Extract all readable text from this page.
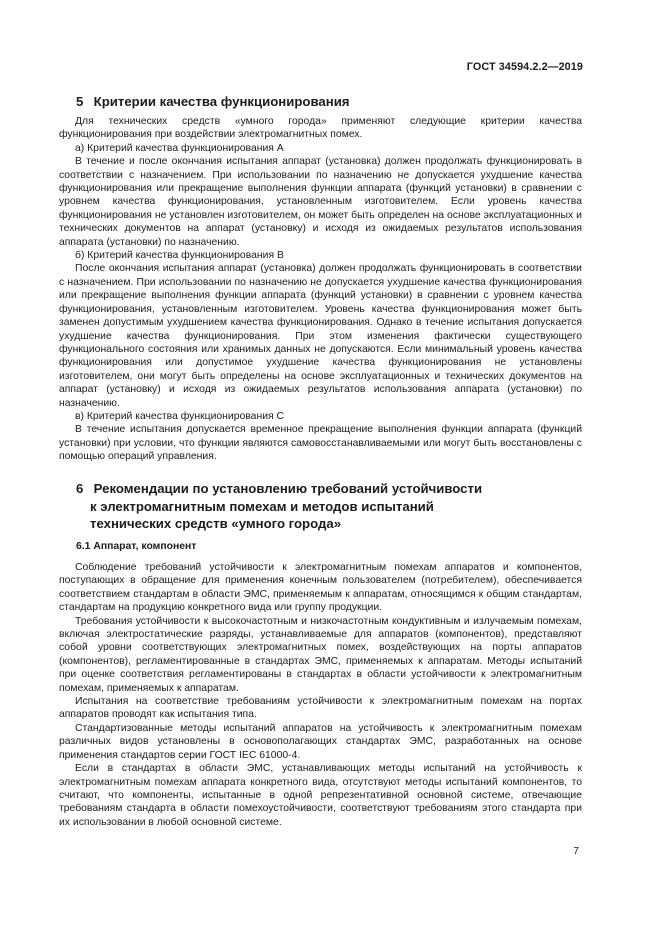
ГОСТ 34594.2.2—2019
5 Критерии качества функционирования

Для технических средств «умного города» применяют следующие критерии качества функционирования при воздействии электромагнитных помех.

а) Критерий качества функционирования А

В течение и после окончания испытания аппарат (установка) должен продолжать функционировать в соответствии с назначением. При использовании по назначению не допускается ухудшение качества функционирования или прекращение выполнения функции аппарата (функций установки) в сравнении с уровнем качества функционирования, установленным изготовителем. Если уровень качества функционирования не установлен изготовителем, он может быть определен на основе эксплуатационных и технических документов на аппарат (установку) и исходя из ожидаемых результатов использования аппарата (установки) по назначению.

б) Критерий качества функционирования В

После окончания испытания аппарат (установка) должен продолжать функционировать в соответствии с назначением. При использовании по назначению не допускается ухудшение качества функционирования или прекращение выполнения функции аппарата (функций установки) в сравнении с уровнем качества функционирования, установленным изготовителем. Уровень качества функционирования может быть заменен допустимым ухудшением качества функционирования. Однако в течение испытания допускается ухудшение качества функционирования. При этом изменения фактически существующего функционального состояния или хранимых данных не допускаются. Если минимальный уровень качества функционирования или допустимое ухудшение качества функционирования не установлены изготовителем, они могут быть определены на основе эксплуатационных и технических документов на аппарат (установку) и исходя из ожидаемых результатов использования аппарата (установки) по назначению.

в) Критерий качества функционирования С

В течение испытания допускается временное прекращение выполнения функции аппарата (функций установки) при условии, что функции являются самовосстанавливаемыми или могут быть восстановлены с помощью операций управления.

6 Рекомендации по установлению требований устойчивости
к электромагнитным помехам и методов испытаний
технических средств «умного города»
6.1 Аппарат, компонент

Соблюдение требований устойчивости к электромагнитным помехам аппаратов и компонентов, поступающих в обращение для применения конечным пользователем (потребителем), обеспечивается соответствием стандартам в области ЭМС, применяемым к аппаратам, относящимся к общим стандартам, стандартам на продукцию конкретного вида или группу продукции.

Требования устойчивости к высокочастотным и низкочастотным кондуктивным и излучаемым помехам, включая электростатические разряды, устанавливаемые для аппаратов (компонентов), представляют собой уровни соответствующих электромагнитных помех, воздействующих на порты аппаратов (компонентов), регламентированные в стандартах ЭМС, применяемых к аппаратам. Методы испытаний при оценке соответствия регламентированы в стандартах в области устойчивости к электромагнитным помехам, применяемых к аппаратам.

Испытания на соответствие требованиям устойчивости к электромагнитным помехам на портах аппаратов проводят как испытания типа.

Стандартизованные методы испытаний аппаратов на устойчивость к электромагнитным помехам различных видов установлены в основополагающих стандартах ЭМС, разработанных на основе применения стандартов серии ГОСТ IEC 61000-4.

Если в стандартах в области ЭМС, устанавливающих методы испытаний на устойчивость к электромагнитным помехам аппарата конкретного вида, отсутствуют методы испытаний компонентов, то считают, что компоненты, испытанные в одной репрезентативной основной системе, отвечающие требованиям стандарта в области помехоустойчивости, соответствуют требованиям этого стандарта при их использовании в любой основной системе.

7
